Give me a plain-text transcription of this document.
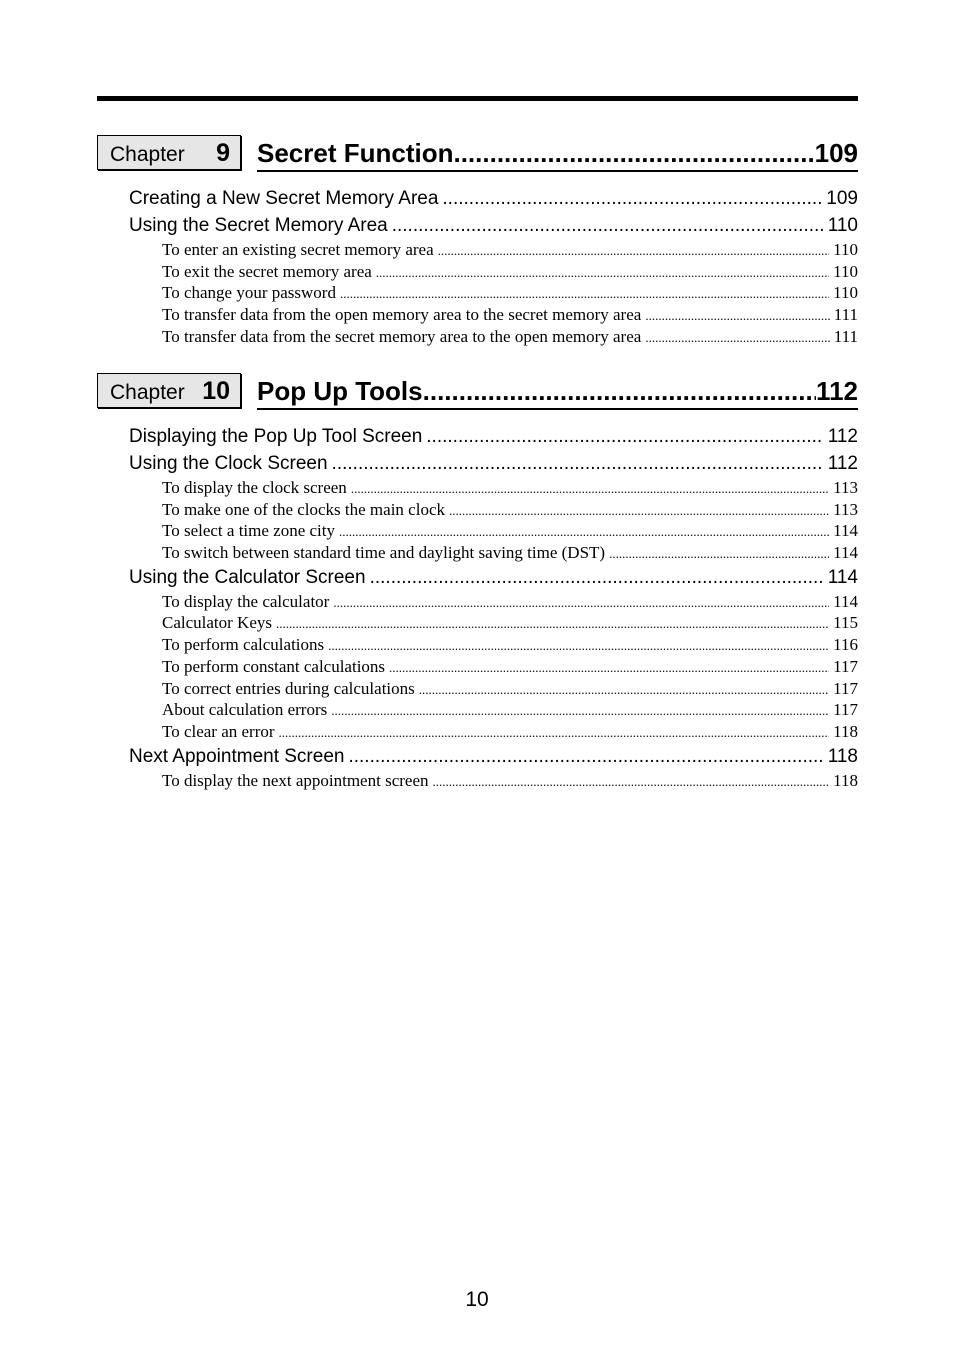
Chapter 9 Secret Function .....	109
Creating a New Secret Memory Area .....	109
Using the Secret Memory Area .....	110
To enter an existing secret memory area .....	110
To exit the secret memory area .....	110
To change your password .....	110
To transfer data from the open memory area to the secret memory area .....	111
To transfer data from the secret memory area to the open memory area .....	111
Chapter 10 Pop Up Tools .....	112
Displaying the Pop Up Tool Screen .....	112
Using the Clock Screen .....	112
To display the clock screen .....	113
To make one of the clocks the main clock .....	113
To select a time zone city .....	114
To switch between standard time and daylight saving time (DST) .....	114
Using the Calculator Screen .....	114
To display the calculator .....	114
Calculator Keys .....	115
To perform calculations .....	116
To perform constant calculations .....	117
To correct entries during calculations .....	117
About calculation errors .....	117
To clear an error .....	118
Next Appointment Screen .....	118
To display the next appointment screen .....	118
10
